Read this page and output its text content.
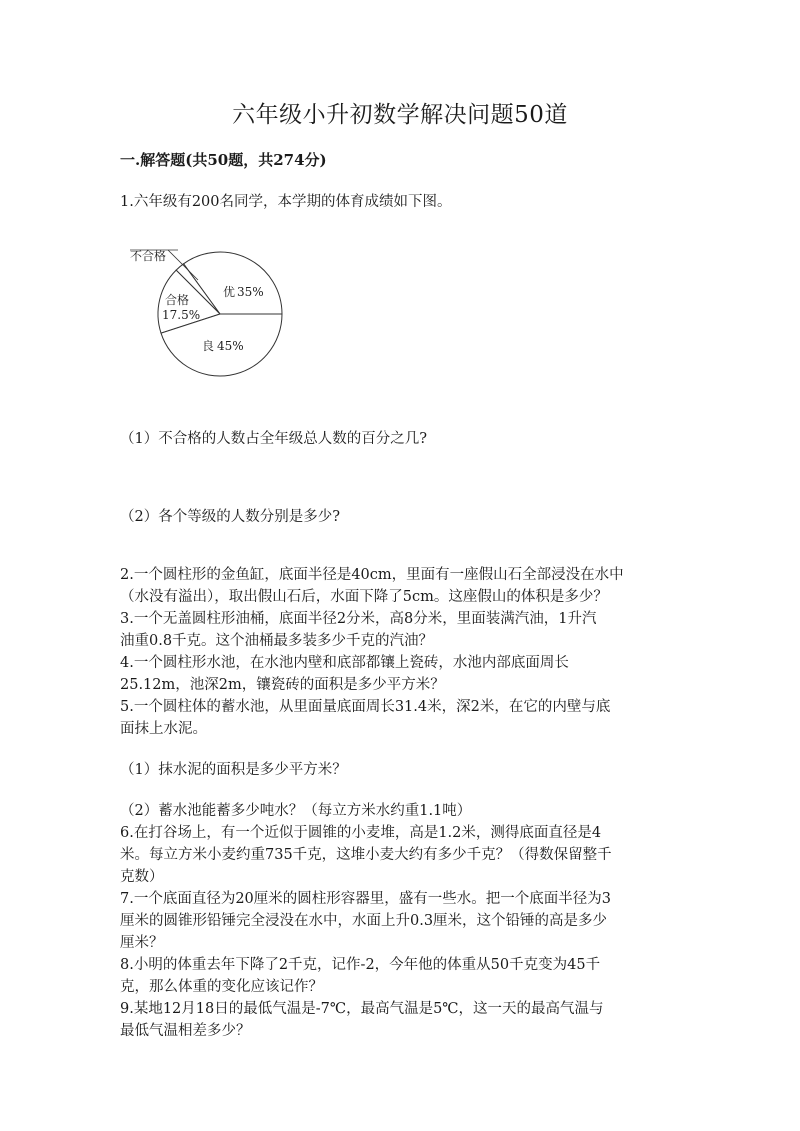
六年级小升初数学解决问题50道
一.解答题(共50题，共274分)
1.六年级有200名同学，本学期的体育成绩如下图。
不合格
优 35%
合格
17.5%
良 45%
（1）不合格的人数占全年级总人数的百分之几?
（2）各个等级的人数分别是多少?
2.一个圆柱形的金鱼缸，底面半径是40cm，里面有一座假山石全部浸没在水中
（水没有溢出），取出假山石后，水面下降了5cm。这座假山的体积是多少？
3.一个无盖圆柱形油桶，底面半径2分米，高8分米，里面装满汽油，1升汽
油重0.8千克。这个油桶最多装多少千克的汽油？
4.一个圆柱形水池，在水池内壁和底部都镶上瓷砖，水池内部底面周长
25.12m，池深2m，镶瓷砖的面积是多少平方米？
5.一个圆柱体的蓄水池，从里面量底面周长31.4米，深2米，在它的内壁与底
面抹上水泥。
（1）抹水泥的面积是多少平方米？
（2）蓄水池能蓄多少吨水？（每立方米水约重1.1吨）
6.在打谷场上，有一个近似于圆锥的小麦堆，高是1.2米，测得底面直径是4
米。每立方米小麦约重735千克，这堆小麦大约有多少千克？（得数保留整千
克数）
7.一个底面直径为20厘米的圆柱形容器里，盛有一些水。把一个底面半径为3
厘米的圆锥形铅锤完全浸没在水中，水面上升0.3厘米，这个铅锤的高是多少
厘米？
8.小明的体重去年下降了2千克，记作-2，今年他的体重从50千克变为45千
克，那么体重的变化应该记作？
9.某地12月18日的最低气温是-7℃，最高气温是5℃，这一天的最高气温与
最低气温相差多少？
